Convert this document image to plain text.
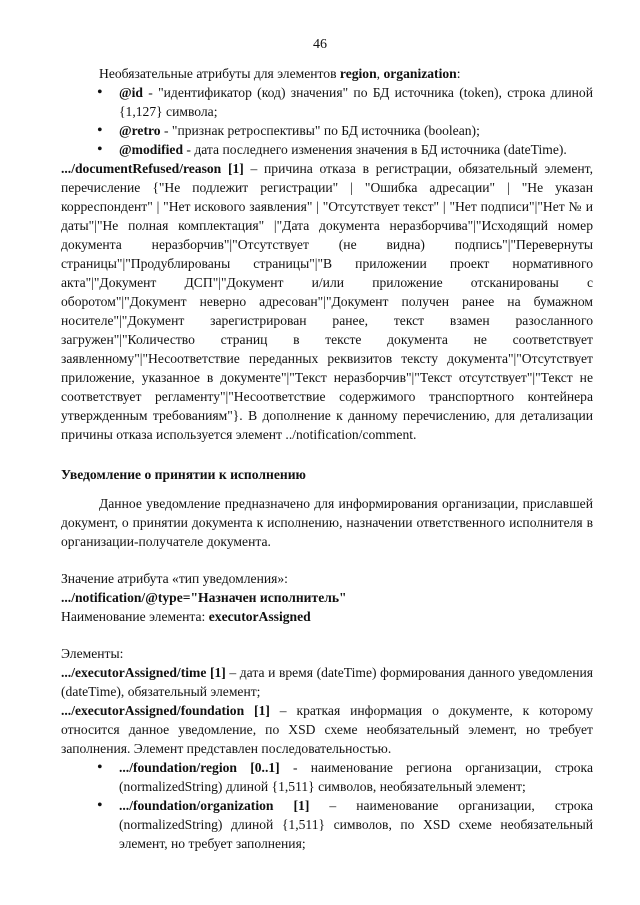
46

Необязательные атрибуты для элементов region, organization:

• @id - "идентификатор (код) значения" по БД источника (token), строка длиной {1,127} символа;
• @retro - "признак ретроспективы" по БД источника (boolean);
• @modified - дата последнего изменения значения в БД источника (dateTime).

.../documentRefused/reason [1] – причина отказа в регистрации, обязательный элемент, перечисление {"Не подлежит регистрации" | "Ошибка адресации" | "Не указан корреспондент" | "Нет искового заявления" | "Отсутствует текст" | "Нет подписи"|"Нет № и даты"|"Не полная комплектация" |"Дата документа неразборчива"|"Исходящий номер документа неразборчив"|"Отсутствует (не видна) подпись"|"Перевернуты страницы"|"Продублированы страницы"|"В приложении проект нормативного акта"|"Документ ДСП"|"Документ и/или приложение отсканированы с оборотом"|"Документ неверно адресован"|"Документ получен ранее на бумажном носителе"|"Документ зарегистрирован ранее, текст взамен разосланного загружен"|"Количество страниц в тексте документа не соответствует заявленному"|"Несоответствие переданных реквизитов тексту документа"|"Отсутствует приложение, указанное в документе"|"Текст неразборчив"|"Текст отсутствует"|"Текст не соответствует регламенту"|"Несоответствие содержимого транспортного контейнера утвержденным требованиям"}. В дополнение к данному перечислению, для детализации причины отказа используется элемент ../notification/comment.

Уведомление о принятии к исполнению

Данное уведомление предназначено для информирования организации, приславшей документ, о принятии документа к исполнению, назначении ответственного исполнителя в организации-получателе документа.

Значение атрибута «тип уведомления»:

.../notification/@type="Назначен исполнитель"

Наименование элемента: executorAssigned

Элементы:

.../executorAssigned/time [1] – дата и время (dateTime) формирования данного уведомления (dateTime), обязательный элемент;

.../executorAssigned/foundation [1] – краткая информация о документе, к которому относится данное уведомление, по XSD схеме необязательный элемент, но требует заполнения. Элемент представлен последовательностью.

• .../foundation/region [0..1] - наименование региона организации, строка (normalizedString) длиной {1,511} символов, необязательный элемент;
• .../foundation/organization [1] – наименование организации, строка (normalizedString) длиной {1,511} символов, по XSD схеме необязательный элемент, но требует заполнения;
